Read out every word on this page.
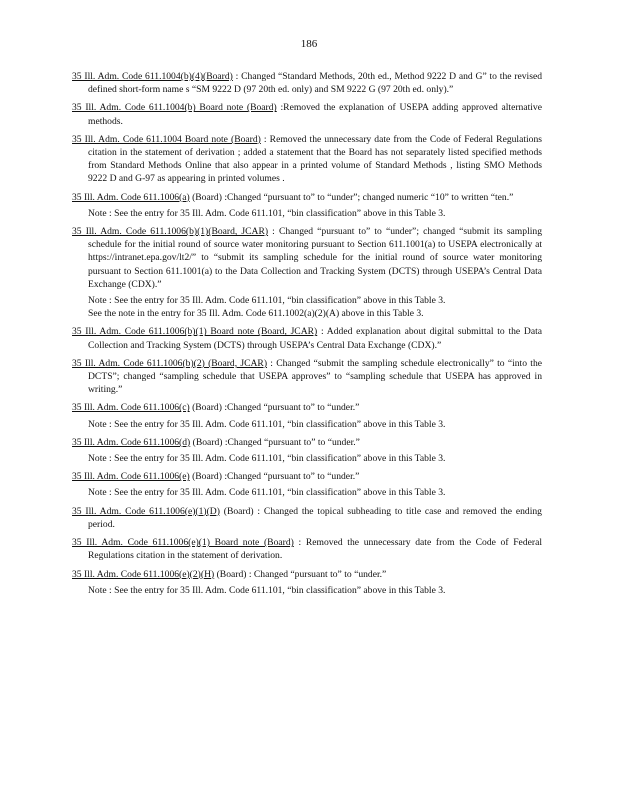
186

35 Ill. Adm. Code 611.1004(b)(4)(Board) : Changed “Standard Methods, 20th ed., Method 9222 D and G” to the revised defined short-form name s “SM 9222 D (97 20th ed. only) and SM 9222 G (97 20th ed. only).”

35 Ill. Adm. Code 611.1004(b) Board note (Board) :Removed the explanation of USEPA adding approved alternative methods.

35 Ill. Adm. Code 611.1004 Board note (Board) : Removed the unnecessary date from the Code of Federal Regulations citation in the statement of derivation ; added a statement that the Board has not separately listed specified methods from Standard Methods Online that also appear in a printed volume of Standard Methods , listing SMO Methods 9222 D and G-97 as appearing in printed volumes .

35 Ill. Adm. Code 611.1006(a) (Board) :Changed “pursuant to” to “under”; changed numeric “10” to written “ten.”

Note : See the entry for 35 Ill. Adm. Code 611.101, “bin classification” above in this Table 3.

35 Ill. Adm. Code 611.1006(b)(1)(Board, JCAR) : Changed “pursuant to” to “under”; changed “submit its sampling schedule for the initial round of source water monitoring pursuant to Section 611.1001(a) to USEPA electronically at https://intranet.epa.gov/lt2/” to “submit its sampling schedule for the initial round of source water monitoring pursuant to Section 611.1001(a) to the Data Collection and Tracking System (DCTS) through USEPA’s Central Data Exchange (CDX).”

Note : See the entry for 35 Ill. Adm. Code 611.101, “bin classification” above in this Table 3.
See the note in the entry for 35 Ill. Adm. Code 611.1002(a)(2)(A) above in this Table 3.

35 Ill. Adm. Code 611.1006(b)(1) Board note (Board, JCAR) : Added explanation about digital submittal to the Data Collection and Tracking System (DCTS) through USEPA’s Central Data Exchange (CDX).”

35 Ill. Adm. Code 611.1006(b)(2) (Board, JCAR) : Changed “submit the sampling schedule electronically” to “into the DCTS”; changed “sampling schedule that USEPA approves” to “sampling schedule that USEPA has approved in writing.”

35 Ill. Adm. Code 611.1006(c) (Board) :Changed “pursuant to” to “under.”

Note : See the entry for 35 Ill. Adm. Code 611.101, “bin classification” above in this Table 3.

35 Ill. Adm. Code 611.1006(d) (Board) :Changed “pursuant to” to “under.”

Note : See the entry for 35 Ill. Adm. Code 611.101, “bin classification” above in this Table 3.

35 Ill. Adm. Code 611.1006(e) (Board) :Changed “pursuant to” to “under.”

Note : See the entry for 35 Ill. Adm. Code 611.101, “bin classification” above in this Table 3.

35 Ill. Adm. Code 611.1006(e)(1)(D) (Board) : Changed the topical subheading to title case and removed the ending period.

35 Ill. Adm. Code 611.1006(e)(1) Board note (Board) : Removed the unnecessary date from the Code of Federal Regulations citation in the statement of derivation.

35 Ill. Adm. Code 611.1006(e)(2)(H) (Board) : Changed “pursuant to” to “under.”

Note : See the entry for 35 Ill. Adm. Code 611.101, “bin classification” above in this Table 3.
